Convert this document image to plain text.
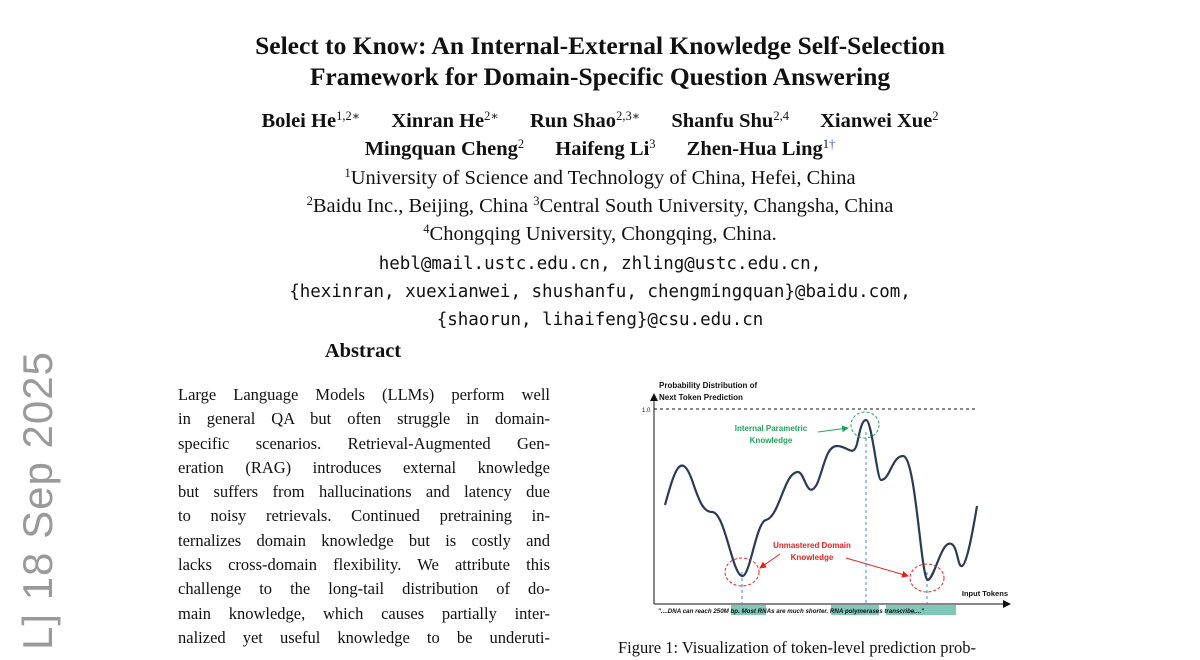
Select to Know: An Internal-External Knowledge Self-Selection
Framework for Domain-Specific Question Answering
Bolei $He^{1,2∗}$ Xinran $He^{2∗}$ Run Shao$^{2,3∗}$ Shanfu Shu$^{2,4}$ Xianwei Xue$^2$
Mingquan Cheng$^2$ Haifeng Li$^3$ Zhen-Hua Ling$^{1\dagger}$
$^1$University of Science and Technology of China, Hefei, China
$^2$Baidu Inc., Beijing, China $^3$Central South University, Changsha, China
$^4$Chongqing University, Chongqing, China.
hebl@mail.ustc.edu.cn, zhling@ustc.edu.cn,
{hexinran, xuexianwei, shushanfu, chengmingquan}@baidu.com,
{shaorun, lihaifeng}@csu.edu.cn
Abstract
Large Language Models (LLMs) perform well
in general QA but often struggle in domain-
specific scenarios. Retrieval-Augmented Gen-
eration (RAG) introduces external knowledge
but suffers from hallucinations and latency due
to noisy retrievals. Continued pretraining in-
ternalizes domain knowledge but is costly and
lacks cross-domain flexibility. We attribute this
challenge to the long-tail distribution of do-
main knowledge, which causes partially inter-
nalized yet useful knowledge to be underuti-
L] 18 Sep 2025	Probability Distribution of
Next Token Prediction
1.0
Internal Parametric
Knowledge
Unmastered Domain
Knowledge
Input Tokens
"....DNA can reach 250M bp. Most RNAs are much shorter. RNA polymerases transcribe...."
Figure 1: Visualization of token-level prediction prob-
